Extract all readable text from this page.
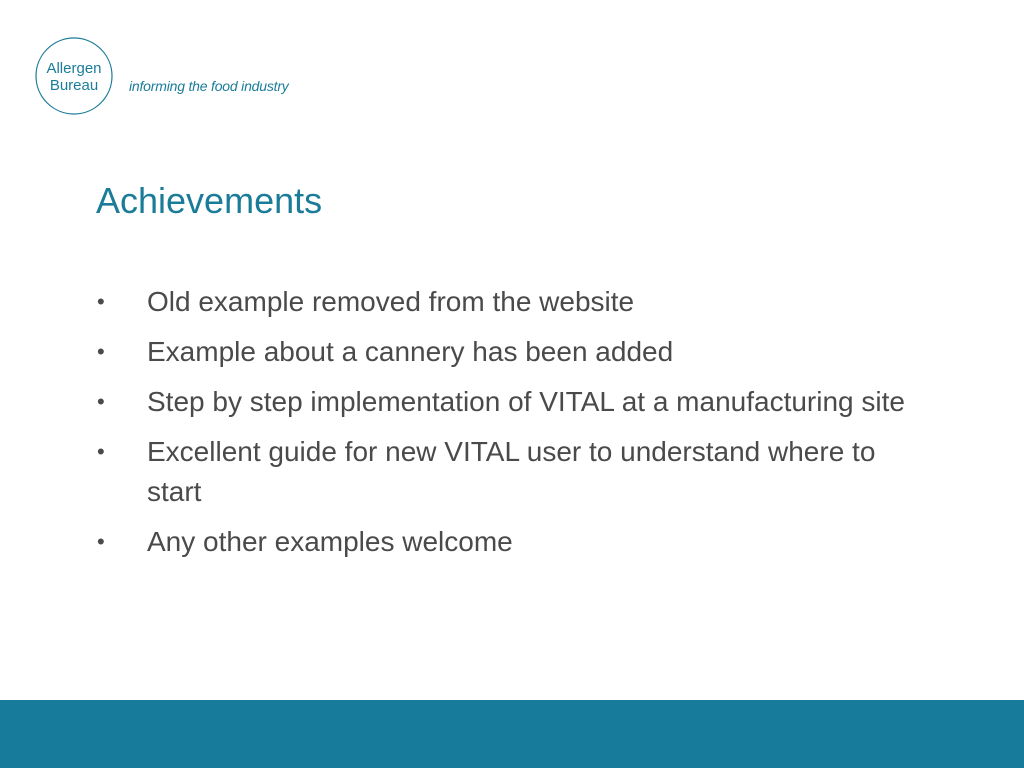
Allergen
Bureau informing the food industry
Achievements
•	Old example removed from the website
•	Example about a cannery has been added
•	Step by step implementation of VITAL at a manufacturing site
•	Excellent guide for new VITAL user to understand where to start
•	Any other examples welcome
